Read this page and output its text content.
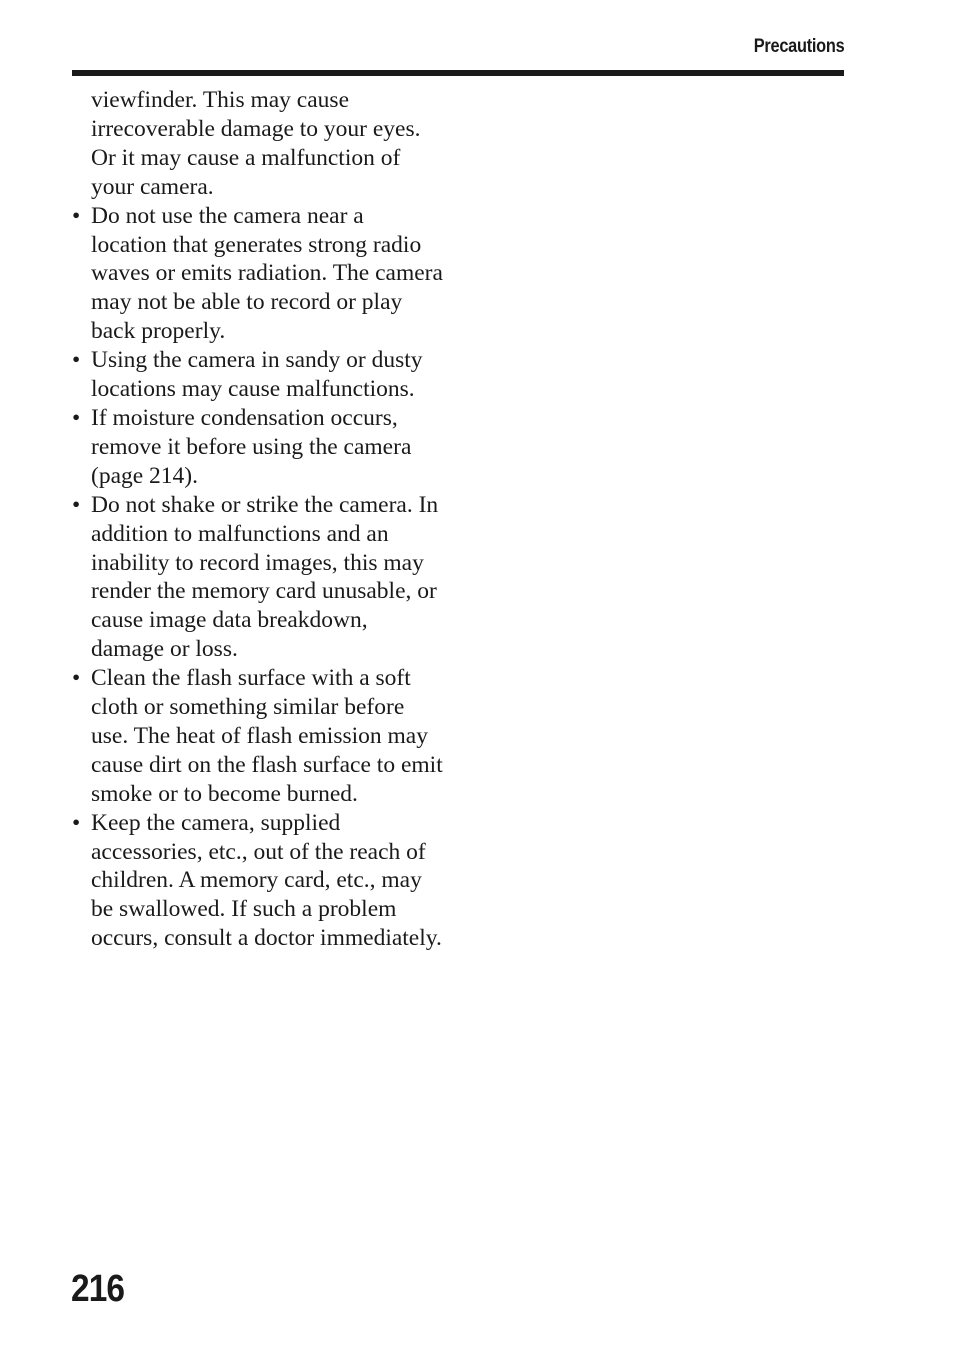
Precautions

viewfinder. This may cause irrecoverable damage to your eyes. Or it may cause a malfunction of your camera.

• Do not use the camera near a location that generates strong radio waves or emits radiation. The camera may not be able to record or play back properly.
• Using the camera in sandy or dusty locations may cause malfunctions.
• If moisture condensation occurs, remove it before using the camera (page 214).
• Do not shake or strike the camera. In addition to malfunctions and an inability to record images, this may render the memory card unusable, or cause image data breakdown, damage or loss.
• Clean the flash surface with a soft cloth or something similar before use. The heat of flash emission may cause dirt on the flash surface to emit smoke or to become burned.
• Keep the camera, supplied accessories, etc., out of the reach of children. A memory card, etc., may be swallowed. If such a problem occurs, consult a doctor immediately.
216
